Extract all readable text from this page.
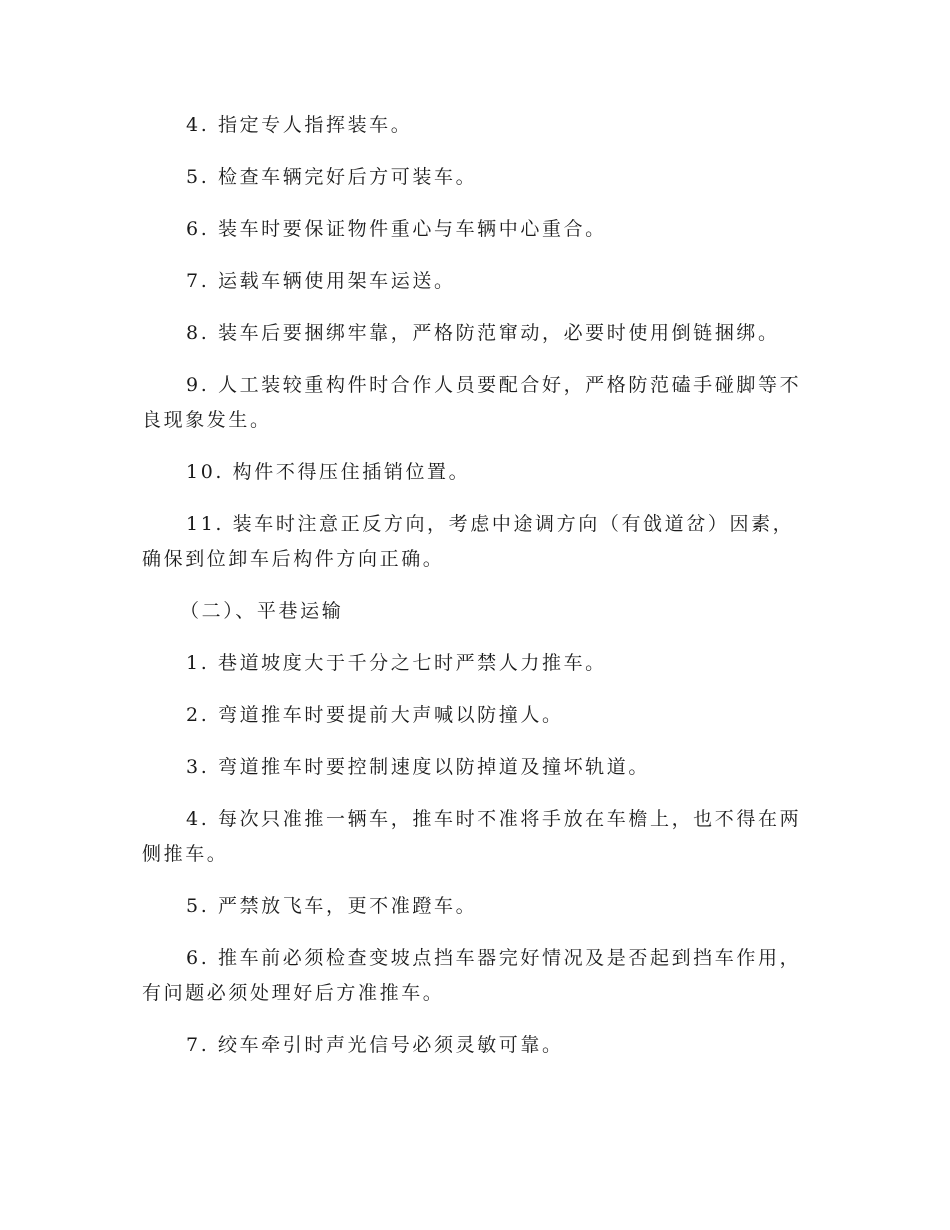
4. 指定专人指挥装车。

5. 检查车辆完好后方可装车。

6. 装车时要保证物件重心与车辆中心重合。

7. 运载车辆使用架车运送。

8. 装车后要捆绑牢靠，严格防范窜动，必要时使用倒链捆绑。

9. 人工装较重构件时合作人员要配合好，严格防范磕手碰脚等不良现象发生。

10. 构件不得压住插销位置。

11. 装车时注意正反方向，考虑中途调方向（有戗道岔）因素，确保到位卸车后构件方向正确。

（二）、平巷运输

1. 巷道坡度大于千分之七时严禁人力推车。

2. 弯道推车时要提前大声喊以防撞人。

3. 弯道推车时要控制速度以防掉道及撞坏轨道。

4. 每次只准推一辆车，推车时不准将手放在车檐上，也不得在两侧推车。

5. 严禁放飞车，更不准蹬车。

6. 推车前必须检查变坡点挡车器完好情况及是否起到挡车作用，有问题必须处理好后方准推车。

7. 绞车牵引时声光信号必须灵敏可靠。
